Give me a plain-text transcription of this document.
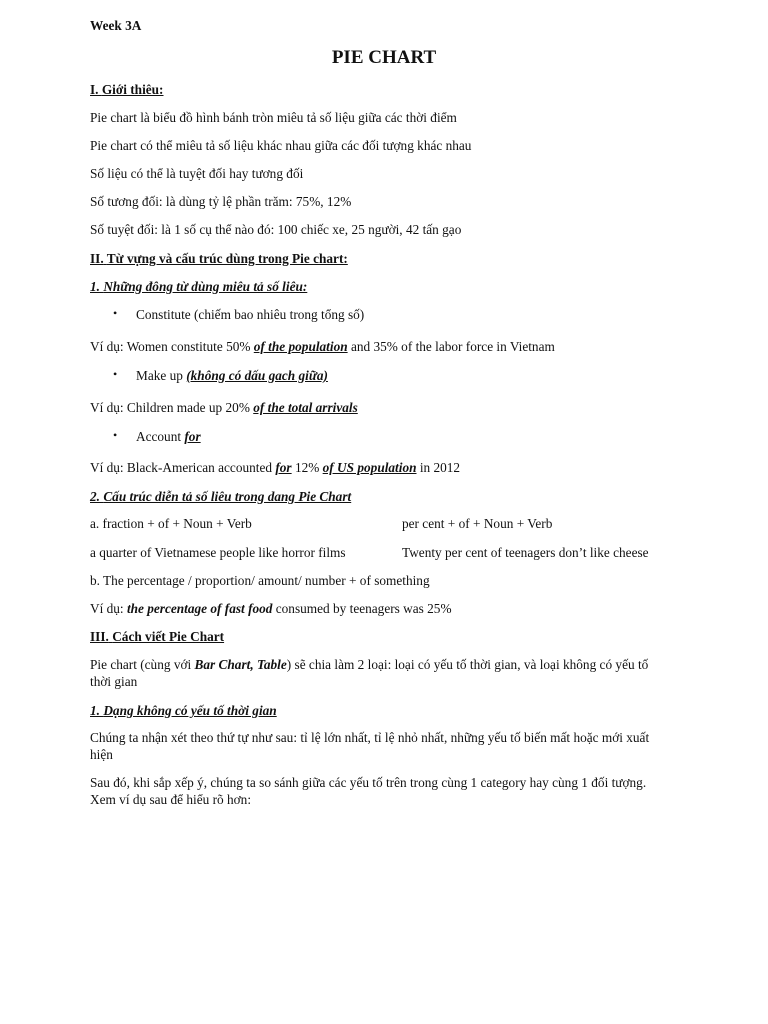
Week 3A
PIE CHART
I. Giới thiêu:
Pie chart là biểu đồ hình bánh tròn miêu tả số liệu giữa các thời điểm
Pie chart có thể miêu tả số liệu khác nhau giữa các đối tượng khác nhau
Số liệu có thể là tuyệt đối hay tương đối
Số tương đối: là dùng tỷ lệ phần trăm: 75%, 12%
Số tuyệt đối: là 1 số cụ thể nào đó: 100 chiếc xe, 25 người, 42 tấn gạo
II. Từ vựng và cấu trúc dùng trong Pie chart:
1. Những đông từ dùng miêu tả số liêu:
• Constitute (chiếm bao nhiêu trong tổng số)
Ví dụ: Women constitute 50% of the population and 35% of the labor force in Vietnam
• Make up (không có dấu gach giữa)
Ví dụ: Children made up 20% of the total arrivals
• Account for
Ví dụ: Black-American accounted for 12% of US population in 2012
2. Cấu trúc diễn tả số liêu trong dang Pie Chart
a. fraction + of + Noun + Verb	per cent + of + Noun + Verb
a quarter of Vietnamese people like horror films	Twenty per cent of teenagers don’t like cheese
b. The percentage / proportion/ amount/ number + of something
Ví dụ: the percentage of fast food consumed by teenagers was 25%
III. Cách viết Pie Chart
Pie chart (cùng với Bar Chart, Table) sẽ chia làm 2 loại: loại có yếu tố thời gian, và loại không có yếu tố
thời gian
1. Dạng không có yếu tố thời gian
Chúng ta nhận xét theo thứ tự như sau: tỉ lệ lớn nhất, tỉ lệ nhỏ nhất, những yếu tố biến mất hoặc mới xuất
hiện
Sau đó, khi sắp xếp ý, chúng ta so sánh giữa các yếu tố trên trong cùng 1 category hay cùng 1 đối tượng.
Xem ví dụ sau để hiểu rõ hơn:
